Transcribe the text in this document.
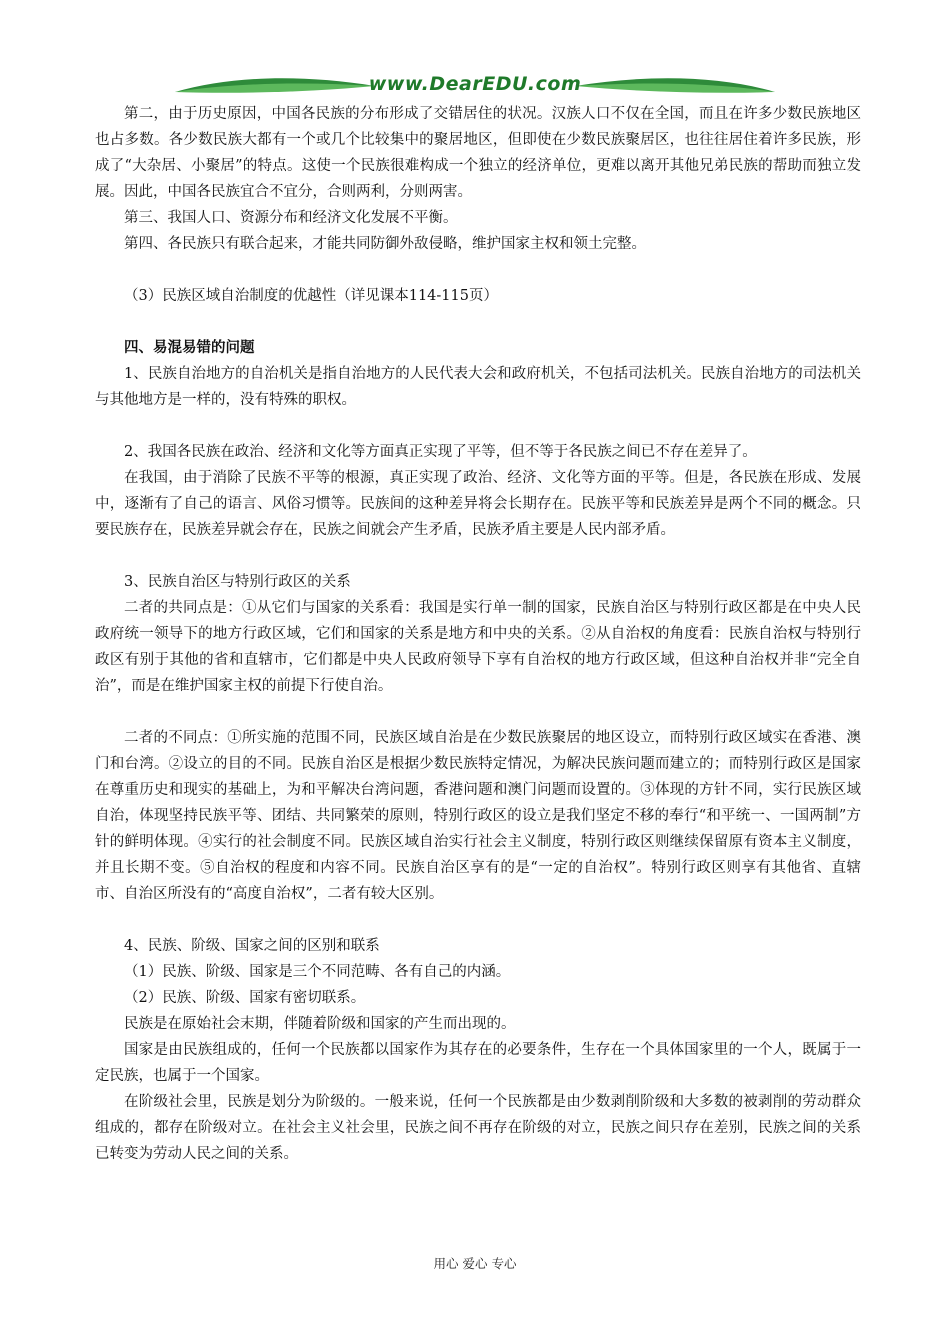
www.DearEDU.com

第二，由于历史原因，中国各民族的分布形成了交错居住的状况。汉族人口不仅在全国，而且在许多少数民族地区也占多数。各少数民族大都有一个或几个比较集中的聚居地区，但即使在少数民族聚居区，也往往居住着许多民族，形成了“大杂居、小聚居”的特点。这使一个民族很难构成一个独立的经济单位，更难以离开其他兄弟民族的帮助而独立发展。因此，中国各民族宜合不宜分，合则两利，分则两害。

第三、我国人口、资源分布和经济文化发展不平衡。

第四、各民族只有联合起来，才能共同防御外敌侵略，维护国家主权和领土完整。

（3）民族区域自治制度的优越性（详见课本114-115页）

四、易混易错的问题

1、民族自治地方的自治机关是指自治地方的人民代表大会和政府机关，不包括司法机关。民族自治地方的司法机关与其他地方是一样的，没有特殊的职权。

2、我国各民族在政治、经济和文化等方面真正实现了平等，但不等于各民族之间已不存在差异了。

在我国，由于消除了民族不平等的根源，真正实现了政治、经济、文化等方面的平等。但是，各民族在形成、发展中，逐渐有了自己的语言、风俗习惯等。民族间的这种差异将会长期存在。民族平等和民族差异是两个不同的概念。只要民族存在，民族差异就会存在，民族之间就会产生矛盾，民族矛盾主要是人民内部矛盾。

3、民族自治区与特别行政区的关系

二者的共同点是：①从它们与国家的关系看：我国是实行单一制的国家，民族自治区与特别行政区都是在中央人民政府统一领导下的地方行政区域，它们和国家的关系是地方和中央的关系。②从自治权的角度看：民族自治权与特别行政区有别于其他的省和直辖市，它们都是中央人民政府领导下享有自治权的地方行政区域，但这种自治权并非“完全自治”，而是在维护国家主权的前提下行使自治。

二者的不同点：①所实施的范围不同，民族区域自治是在少数民族聚居的地区设立，而特别行政区域实在香港、澳门和台湾。②设立的目的不同。民族自治区是根据少数民族特定情况，为解决民族问题而建立的；而特别行政区是国家在尊重历史和现实的基础上，为和平解决台湾问题，香港问题和澳门问题而设置的。③体现的方针不同，实行民族区域自治，体现坚持民族平等、团结、共同繁荣的原则，特别行政区的设立是我们坚定不移的奉行“和平统一、一国两制”方针的鲜明体现。④实行的社会制度不同。民族区域自治实行社会主义制度，特别行政区则继续保留原有资本主义制度，并且长期不变。⑤自治权的程度和内容不同。民族自治区享有的是“一定的自治权”。特别行政区则享有其他省、直辖市、自治区所没有的“高度自治权”，二者有较大区别。

4、民族、阶级、国家之间的区别和联系

（1）民族、阶级、国家是三个不同范畴、各有自己的内涵。

（2）民族、阶级、国家有密切联系。

民族是在原始社会末期，伴随着阶级和国家的产生而出现的。

国家是由民族组成的，任何一个民族都以国家作为其存在的必要条件，生存在一个具体国家里的一个人，既属于一定民族，也属于一个国家。

在阶级社会里，民族是划分为阶级的。一般来说，任何一个民族都是由少数剥削阶级和大多数的被剥削的劳动群众组成的，都存在阶级对立。在社会主义社会里，民族之间不再存在阶级的对立，民族之间只存在差别，民族之间的关系已转变为劳动人民之间的关系。

用心 爱心 专心
